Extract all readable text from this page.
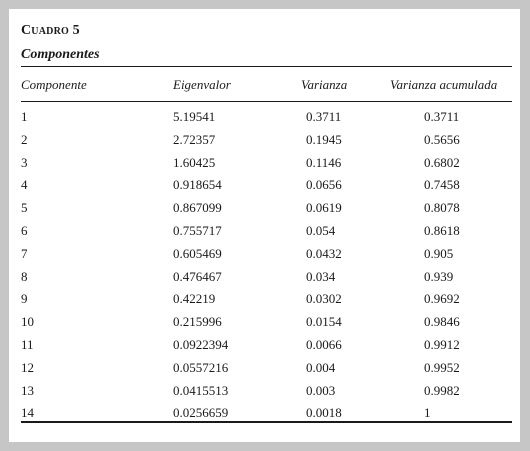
Cuadro 5
Componentes
Componente	Eigenvalor	Varianza	Varianza acumulada
1	5.19541	0.3711	0.3711
2	2.72357	0.1945	0.5656
3	1.60425	0.1146	0.6802
4	0.918654	0.0656	0.7458
5	0.867099	0.0619	0.8078
6	0.755717	0.054	0.8618
7	0.605469	0.0432	0.905
8	0.476467	0.034	0.939
9	0.42219	0.0302	0.9692
10	0.215996	0.0154	0.9846
11	0.0922394	0.0066	0.9912
12	0.0557216	0.004	0.9952
13	0.0415513	0.003	0.9982
14	0.0256659	0.0018	1
